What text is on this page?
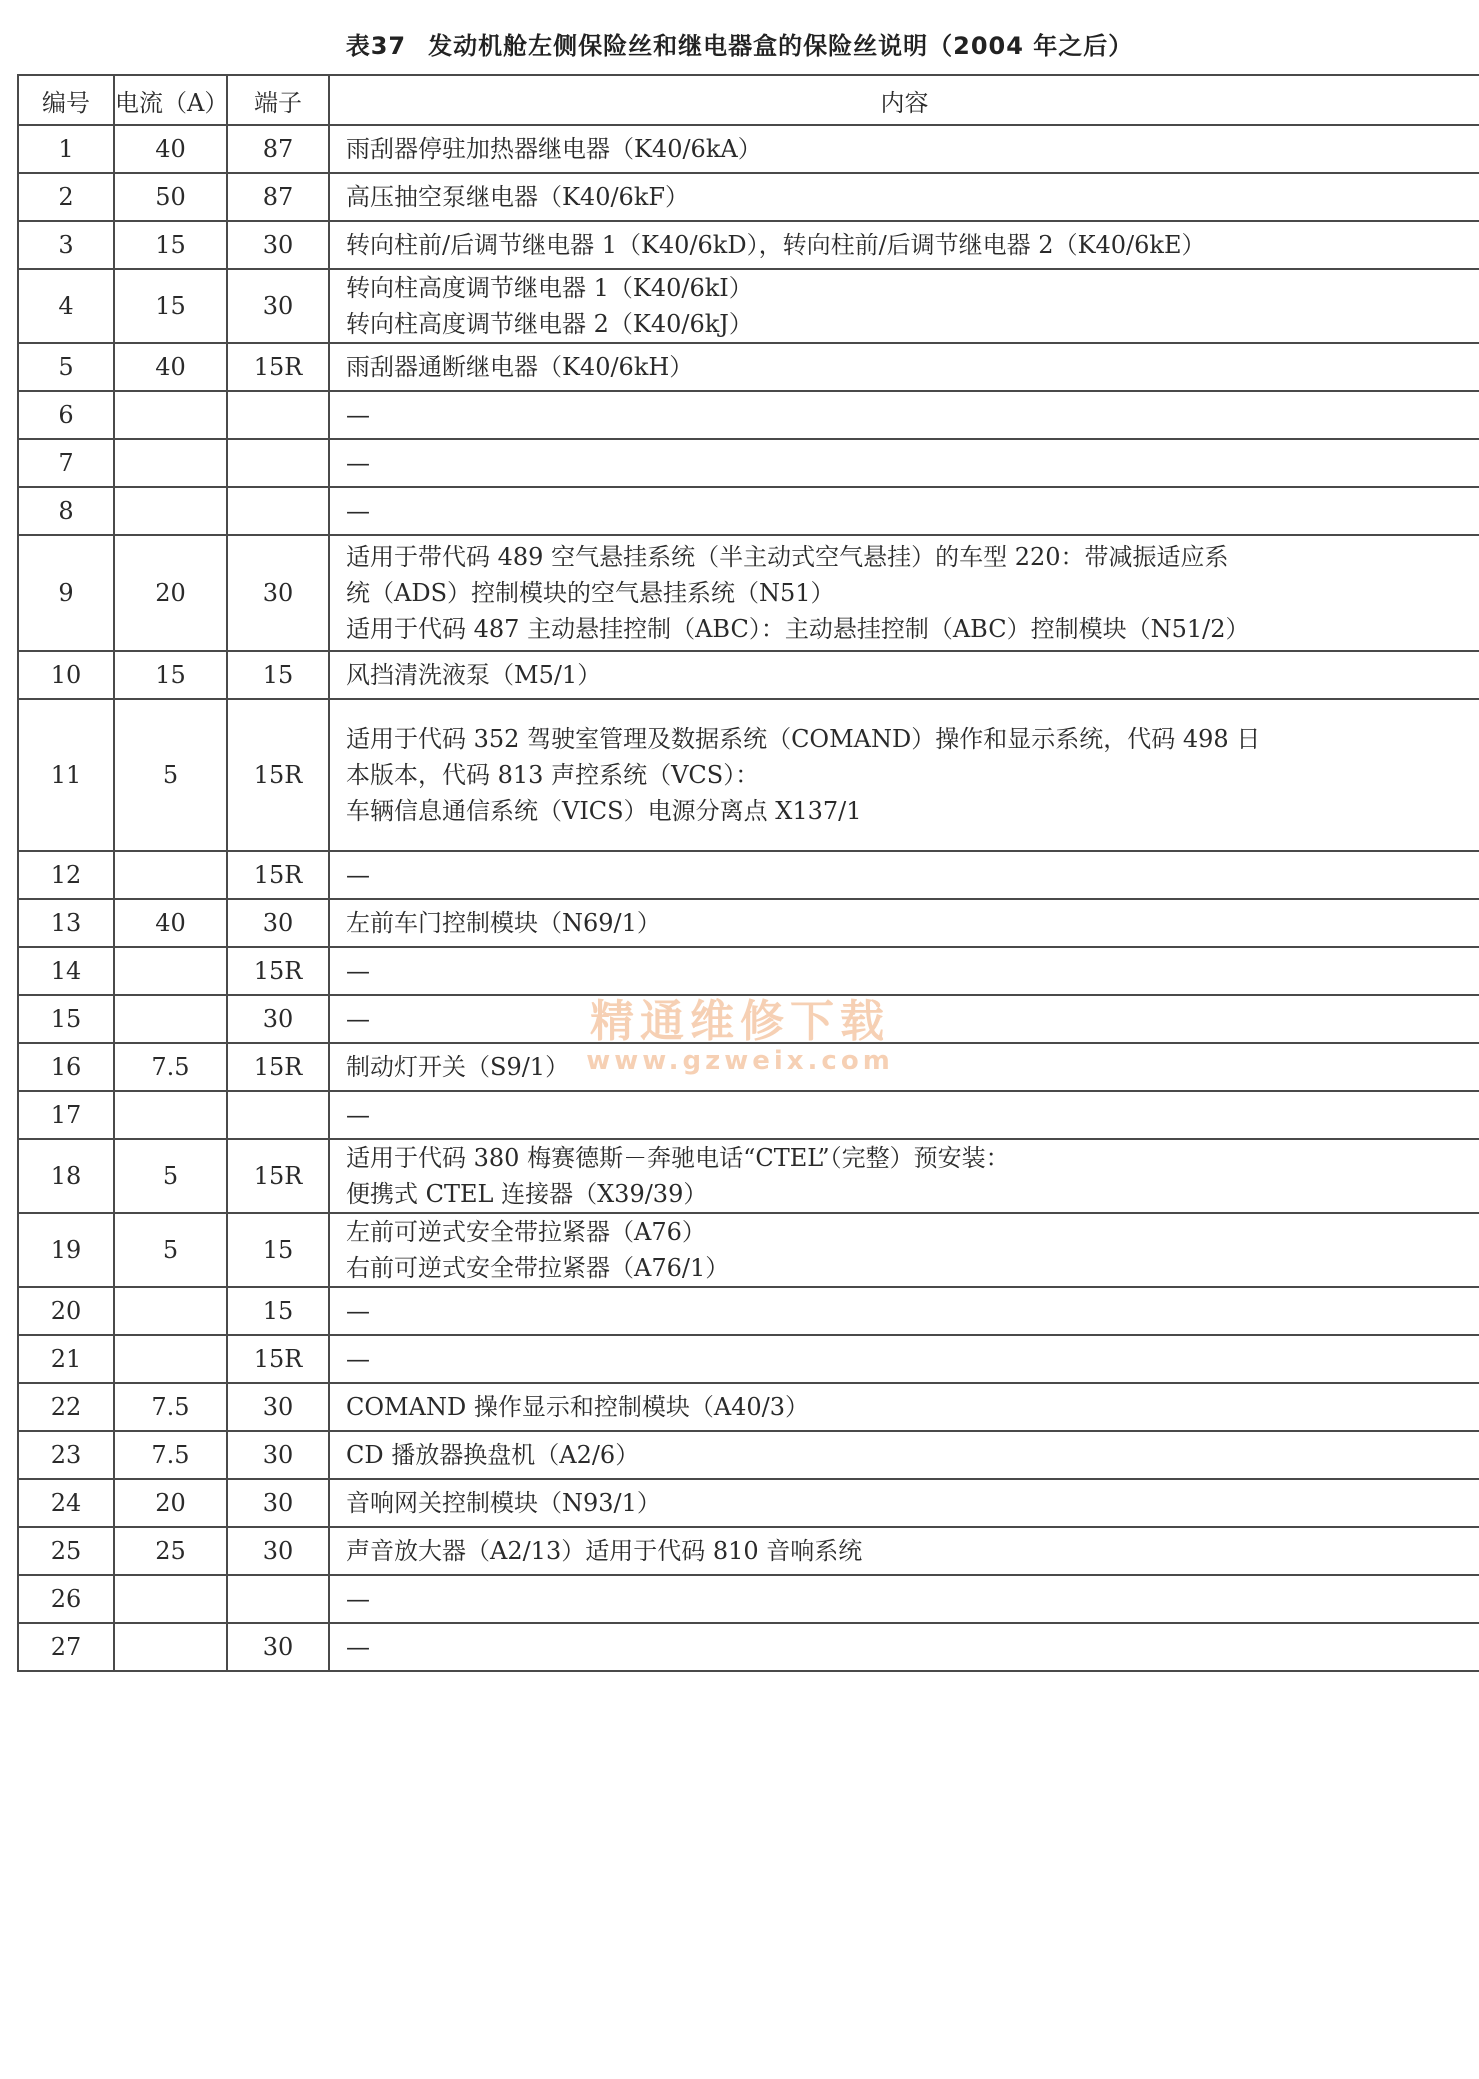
表37 发动机舱左侧保险丝和继电器盒的保险丝说明（2004 年之后）
编号	电流（A）	端子	内容
1	40	87	雨刮器停驻加热器继电器（K40/6kA）

2	50	87	高压抽空泵继电器（K40/6kF）

3	15	30	转向柱前/后调节继电器 1（K40/6kD），转向柱前/后调节继电器 2（K40/6kE）

4	15	30	转向柱高度调节继电器 1（K40/6kI）
转向柱高度调节继电器 2（K40/6kJ）

5	40	15R	雨刮器通断继电器（K40/6kH）

6			—

7			—

8			—

9	20	30	适用于带代码 489 空气悬挂系统（半主动式空气悬挂）的车型 220：带减振适应系
统（ADS）控制模块的空气悬挂系统（N51）
适用于代码 487 主动悬挂控制（ABC）：主动悬挂控制（ABC）控制模块（N51/2）

10	15	15	风挡清洗液泵（M5/1）

11	5	15R	适用于代码 352 驾驶室管理及数据系统（COMAND）操作和显示系统，代码 498 日
本版本，代码 813 声控系统（VCS）：
车辆信息通信系统（VICS）电源分离点 X137/1

12		15R	—

13	40	30	左前车门控制模块（N69/1）

14		15R	—

15		30	—

16	7.5	15R	制动灯开关（S9/1）

17			—

18	5	15R	适用于代码 380 梅赛德斯－奔驰电话“CTEL”（完整）预安装：
便携式 CTEL 连接器（X39/39）

19	5	15	左前可逆式安全带拉紧器（A76）
右前可逆式安全带拉紧器（A76/1）

20		15	—

21		15R	—

22	7.5	30	COMAND 操作显示和控制模块（A40/3）

23	7.5	30	CD 播放器换盘机（A2/6）

24	20	30	音响网关控制模块（N93/1）

25	25	30	声音放大器（A2/13）适用于代码 810 音响系统

26			—

27		30	—
精通维修下载
www.gzweix.com
